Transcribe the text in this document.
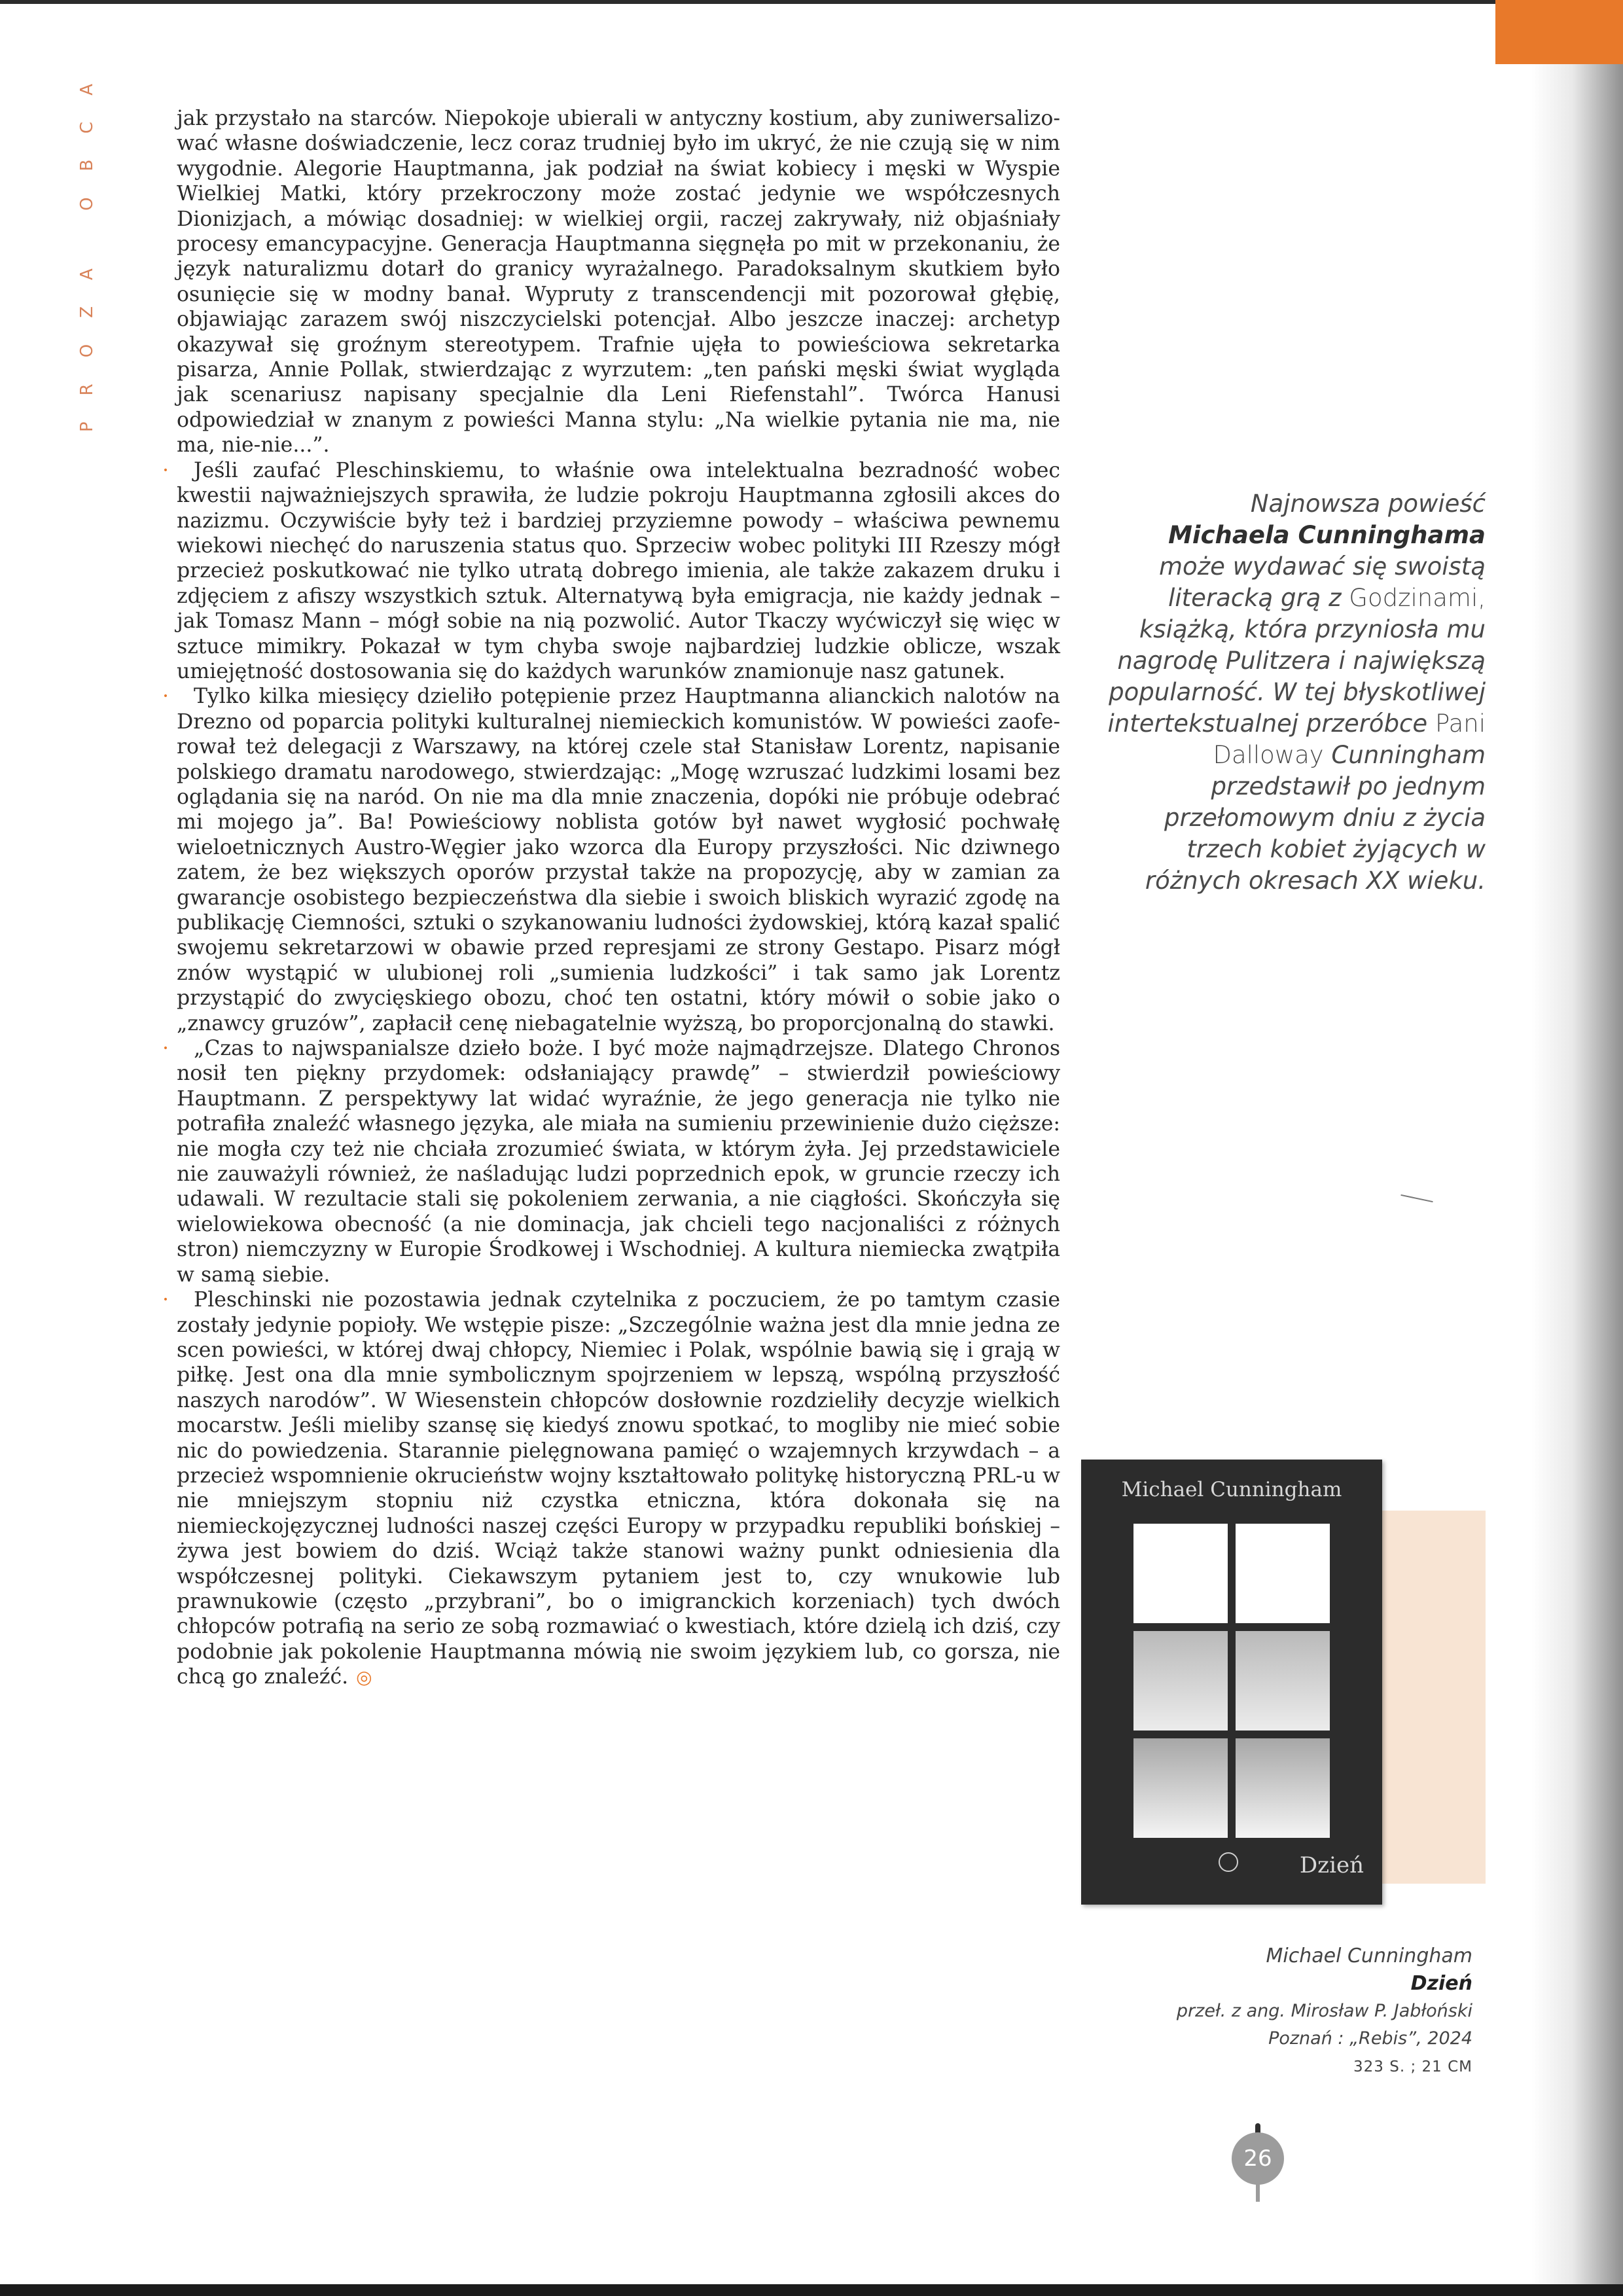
PROZA OBCA	jak przystało na starców. Niepokoje ubierali w antyczny kostium, aby zuniwersalizować własne doświadczenie, lecz coraz trudniej było im ukryć, że nie czują się w nim wygodnie. Alegorie Hauptmanna, jak podział na świat kobiecy i męski w Wyspie Wielkiej Matki, który przekroczony może zostać jedynie we współczesnych Dionizjach, a mówiąc dosadniej: w wielkiej orgii, raczej zakrywały, niż objaśniały procesy emancypacyjne. Generacja Hauptmanna sięgnęła po mit w przekonaniu, że język naturalizmu dotarł do granicy wyrażalnego. Paradoksalnym skutkiem było osunięcie się w modny banał. Wypruty z transcendencji mit pozorował głębię, objawiając zarazem swój niszczycielski potencjał. Albo jeszcze inaczej: archetyp okazywał się groźnym stereotypem. Trafnie ujęła to powieściowa sekretarka pisarza, Annie Pollak, stwierdzając z wyrzutem: „ten pański męski świat wygląda jak scenariusz napisany specjalnie dla Leni Riefenstahl”. Twórca Hanusi odpowiedział w znanym z powieści Manna stylu: „Na wielkie pytania nie ma, nie ma, nie-nie...”.

· Jeśli zaufać Pleschinskiemu, to właśnie owa intelektualna bezradność wobec kwestii najważniejszych sprawiła, że ludzie pokroju Hauptmanna zgłosili akces do nazizmu. Oczywiście były też i bardziej przyziemne powody – właściwa pewnemu wiekowi niechęć do naruszenia status quo. Sprzeciw wobec polityki III Rzeszy mógł przecież poskutkować nie tylko utratą dobrego imienia, ale także zakazem druku i zdjęciem z afiszy wszystkich sztuk. Alternatywą była emigracja, nie każdy jednak – jak Tomasz Mann – mógł sobie na nią pozwolić. Autor Tkaczy wyćwiczył się więc w sztuce mimikry. Pokazał w tym chyba swoje najbardziej ludzkie oblicze, wszak umiejętność dostosowania się do każdych warunków znamionuje nasz gatunek.

· Tylko kilka miesięcy dzieliło potępienie przez Hauptmanna alianckich nalotów na Drezno od poparcia polityki kulturalnej niemieckich komunistów. W powieści zaoferował też delegacji z Warszawy, na której czele stał Stanisław Lorentz, napisanie polskiego dramatu narodowego, stwierdzając: „Mogę wzruszać ludzkimi losami bez oglądania się na naród. On nie ma dla mnie znaczenia, dopóki nie próbuje odebrać mi mojego ja”. Ba! Powieściowy noblista gotów był nawet wygłosić pochwałę wieloetnicznych Austro-Węgier jako wzorca dla Europy przyszłości. Nic dziwnego zatem, że bez większych oporów przystał także na propozycję, aby w zamian za gwarancje osobistego bezpieczeństwa dla siebie i swoich bliskich wyrazić zgodę na publikację Ciemności, sztuki o szykanowaniu ludności żydowskiej, którą kazał spalić swojemu sekretarzowi w obawie przed represjami ze strony Gestapo. Pisarz mógł znów wystąpić w ulubionej roli „sumienia ludzkości” i tak samo jak Lorentz przystąpić do zwycięskiego obozu, choć ten ostatni, który mówił o sobie jako o „znawcy gruzów”, zapłacił cenę niebagatelnie wyższą, bo proporcjonalną do stawki.

· „Czas to najwspanialsze dzieło boże. I być może najmądrzejsze. Dlatego Chronos nosił ten piękny przydomek: odsłaniający prawdę” – stwierdził powieściowy Hauptmann. Z perspektywy lat widać wyraźnie, że jego generacja nie tylko nie potrafiła znaleźć własnego języka, ale miała na sumieniu przewinienie dużo cięższe: nie mogła czy też nie chciała zrozumieć świata, w którym żyła. Jej przedstawiciele nie zauważyli również, że naśladując ludzi poprzednich epok, w gruncie rzeczy ich udawali. W rezultacie stali się pokoleniem zerwania, a nie ciągłości. Skończyła się wielowiekowa obecność (a nie dominacja, jak chcieli tego nacjonaliści z różnych stron) niemczyzny w Europie Środkowej i Wschodniej. A kultura niemiecka zwątpiła w samą siebie.

· Pleschinski nie pozostawia jednak czytelnika z poczuciem, że po tamtym czasie zostały jedynie popioły. We wstępie pisze: „Szczególnie ważna jest dla mnie jedna ze scen powieści, w której dwaj chłopcy, Niemiec i Polak, wspólnie bawią się i grają w piłkę. Jest ona dla mnie symbolicznym spojrzeniem w lepszą, wspólną przyszłość naszych narodów”. W Wiesenstein chłopców dosłownie rozdzieliły decyzje wielkich mocarstw. Jeśli mieliby szansę się kiedyś znowu spotkać, to mogliby nie mieć sobie nic do powiedzenia. Starannie pielęgnowana pamięć o wzajemnych krzywdach – a przecież wspomnienie okrucieństw wojny kształtowało politykę historyczną PRL-u w nie mniejszym stopniu niż czystka etniczna, która dokonała się na niemieckojęzycznej ludności naszej części Europy w przypadku republiki bońskiej – żywa jest bowiem do dziś. Wciąż także stanowi ważny punkt odniesienia dla współczesnej polityki. Ciekawszym pytaniem jest to, czy wnukowie lub prawnukowie (często „przybrani”, bo o imigranckich korzeniach) tych dwóch chłopców potrafią na serio ze sobą rozmawiać o kwestiach, które dzielą ich dziś, czy podobnie jak pokolenie Hauptmanna mówią nie swoim językiem lub, co gorsza, nie chcą go znaleźć. ◎

Najnowsza powieść
Michaela Cunninghama
może wydawać się swoistą literacką grą z Godzinami, książką, która przyniosła mu nagrodę Pulitzera i największą popularność. W tej błyskotliwej intertekstualnej przeróbce Pani Dalloway Cunningham przedstawił po jednym przełomowym dniu z życia trzech kobiet żyjących w różnych okresach XX wieku.
Michael Cunningham
Dzień
Michael Cunningham
Dzień
przeł. z ang. Mirosław P. Jabłoński
Poznań : „Rebis”, 2024
323 S. ; 21 CM
26
